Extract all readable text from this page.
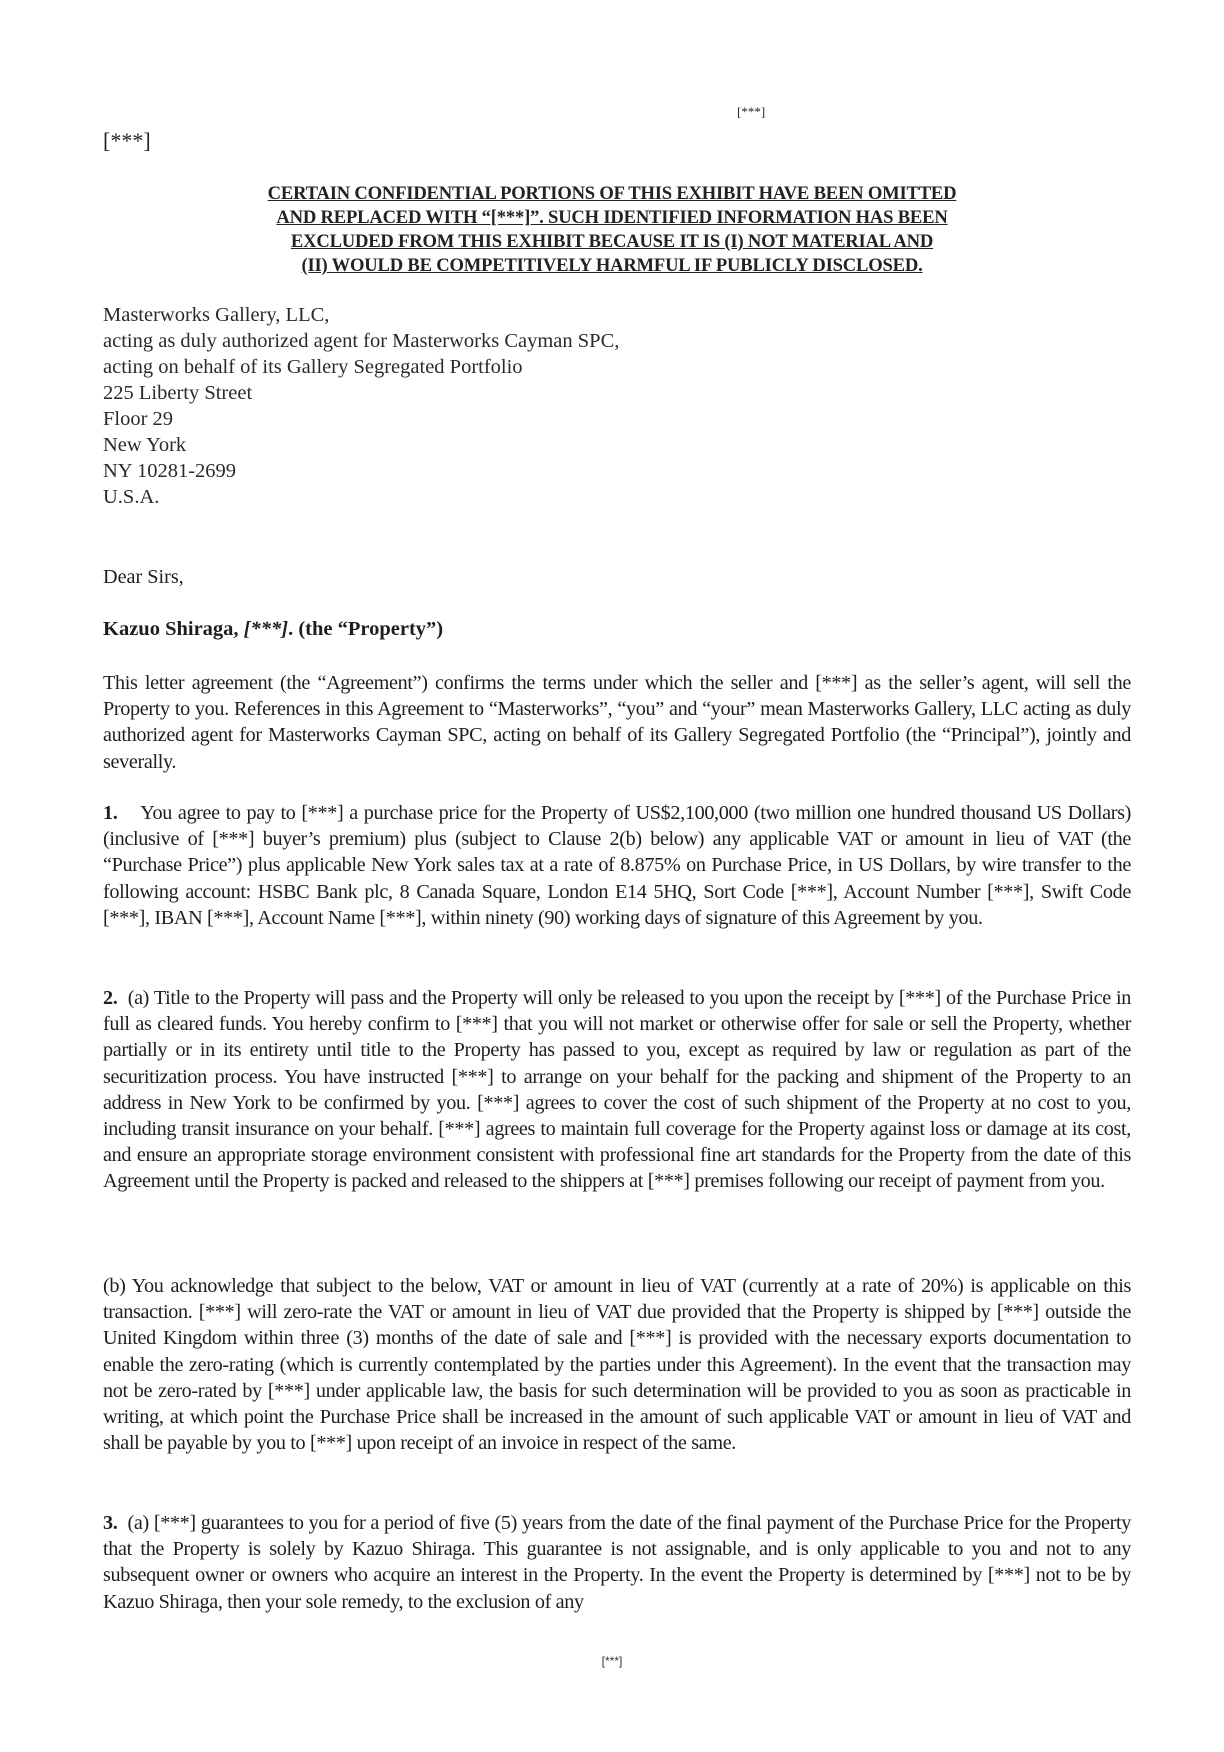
[***]
[***]
CERTAIN CONFIDENTIAL PORTIONS OF THIS EXHIBIT HAVE BEEN OMITTED
AND REPLACED WITH “[***]”. SUCH IDENTIFIED INFORMATION HAS BEEN
EXCLUDED FROM THIS EXHIBIT BECAUSE IT IS (I) NOT MATERIAL AND
(II) WOULD BE COMPETITIVELY HARMFUL IF PUBLICLY DISCLOSED.
Masterworks Gallery, LLC,
acting as duly authorized agent for Masterworks Cayman SPC,
acting on behalf of its Gallery Segregated Portfolio
225 Liberty Street
Floor 29
New York
NY 10281-2699
U.S.A.
Dear Sirs,
Kazuo Shiraga, [***]. (the “Property”)
This letter agreement (the “Agreement”) confirms the terms under which the seller and [***] as the seller’s agent, will sell the Property to you. References in this Agreement to “Masterworks”, “you” and “your” mean Masterworks Gallery, LLC acting as duly authorized agent for Masterworks Cayman SPC, acting on behalf of its Gallery Segregated Portfolio (the “Principal”), jointly and severally.
1. You agree to pay to [***] a purchase price for the Property of US$2,100,000 (two million one hundred thousand US Dollars) (inclusive of [***] buyer’s premium) plus (subject to Clause 2(b) below) any applicable VAT or amount in lieu of VAT (the “Purchase Price”) plus applicable New York sales tax at a rate of 8.875% on Purchase Price, in US Dollars, by wire transfer to the following account: HSBC Bank plc, 8 Canada Square, London E14 5HQ, Sort Code [***], Account Number [***], Swift Code [***], IBAN [***], Account Name [***], within ninety (90) working days of signature of this Agreement by you.
2. (a) Title to the Property will pass and the Property will only be released to you upon the receipt by [***] of the Purchase Price in full as cleared funds. You hereby confirm to [***] that you will not market or otherwise offer for sale or sell the Property, whether partially or in its entirety until title to the Property has passed to you, except as required by law or regulation as part of the securitization process. You have instructed [***] to arrange on your behalf for the packing and shipment of the Property to an address in New York to be confirmed by you. [***] agrees to cover the cost of such shipment of the Property at no cost to you, including transit insurance on your behalf. [***] agrees to maintain full coverage for the Property against loss or damage at its cost, and ensure an appropriate storage environment consistent with professional fine art standards for the Property from the date of this Agreement until the Property is packed and released to the shippers at [***] premises following our receipt of payment from you.
(b) You acknowledge that subject to the below, VAT or amount in lieu of VAT (currently at a rate of 20%) is applicable on this transaction. [***] will zero-rate the VAT or amount in lieu of VAT due provided that the Property is shipped by [***] outside the United Kingdom within three (3) months of the date of sale and [***] is provided with the necessary exports documentation to enable the zero-rating (which is currently contemplated by the parties under this Agreement). In the event that the transaction may not be zero-rated by [***] under applicable law, the basis for such determination will be provided to you as soon as practicable in writing, at which point the Purchase Price shall be increased in the amount of such applicable VAT or amount in lieu of VAT and shall be payable by you to [***] upon receipt of an invoice in respect of the same.
3. (a) [***] guarantees to you for a period of five (5) years from the date of the final payment of the Purchase Price for the Property that the Property is solely by Kazuo Shiraga. This guarantee is not assignable, and is only applicable to you and not to any subsequent owner or owners who acquire an interest in the Property. In the event the Property is determined by [***] not to be by Kazuo Shiraga, then your sole remedy, to the exclusion of any
[***]
